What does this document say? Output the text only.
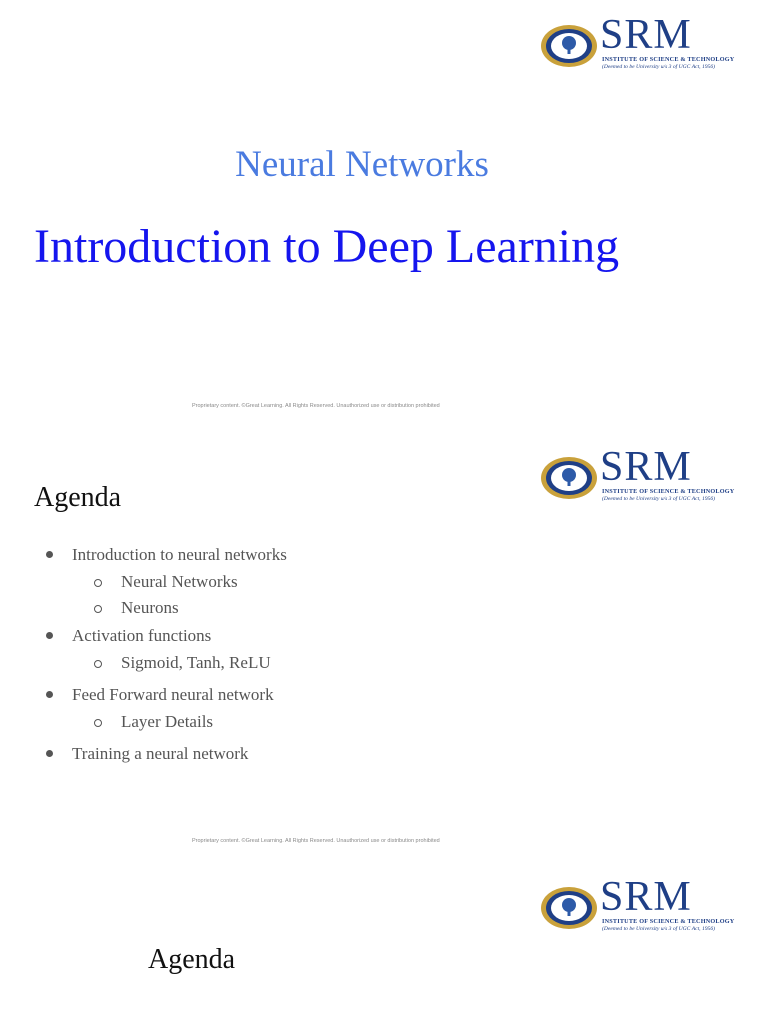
SRM
INSTITUTE OF SCIENCE & TECHNOLOGY
(Deemed to be University u/s 3 of UGC Act, 1956)
Neural Networks
Introduction to Deep Learning
Proprietary content. ©Great Learning. All Rights Reserved. Unauthorized use or distribution prohibited
SRM
INSTITUTE OF SCIENCE & TECHNOLOGY
(Deemed to be University u/s 3 of UGC Act, 1956)
Agenda
Introduction to neural networks
Neural Networks
Neurons
Activation functions
Sigmoid, Tanh, ReLU
Feed Forward neural network
Layer Details
Training a neural network
Proprietary content. ©Great Learning. All Rights Reserved. Unauthorized use or distribution prohibited
SRM
INSTITUTE OF SCIENCE & TECHNOLOGY
(Deemed to be University u/s 3 of UGC Act, 1956)
Agenda
